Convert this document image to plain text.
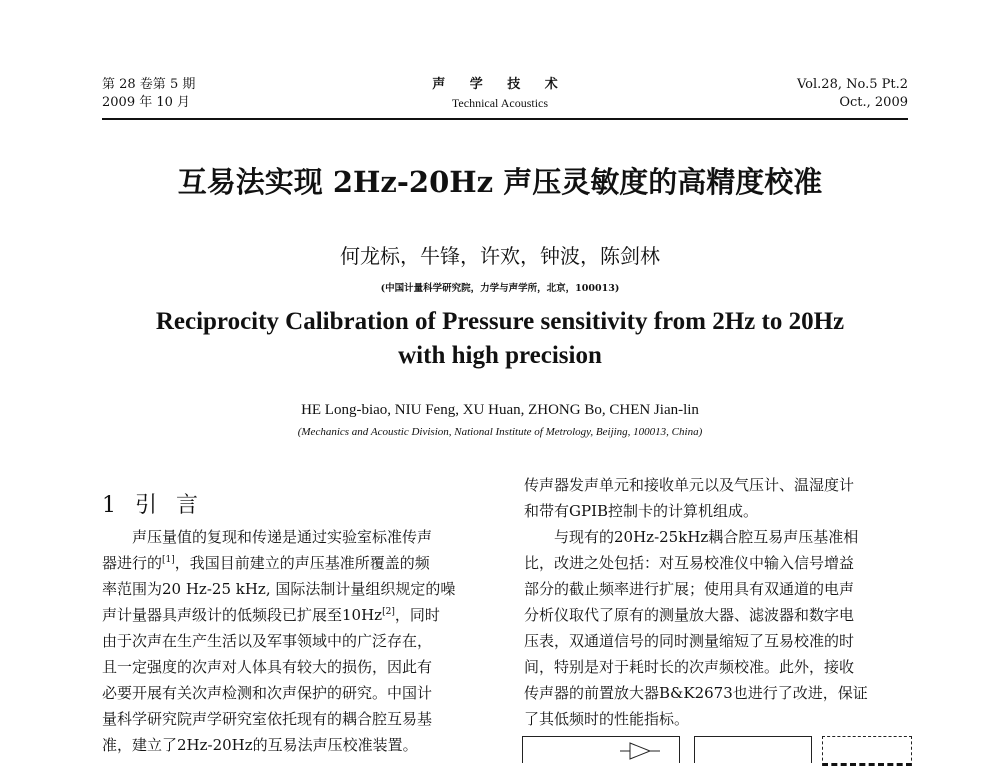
第 28 卷第 5 期
2009 年 10 月
声 学 技 术
Technical Acoustics
Vol.28, No.5 Pt.2
Oct., 2009
互易法实现 2Hz-20Hz 声压灵敏度的高精度校准
何龙标，牛锋，许欢，钟波，陈剑林
(中国计量科学研究院，力学与声学所，北京，100013)
Reciprocity Calibration of Pressure sensitivity from 2Hz to 20Hz
with high precision
HE Long-biao, NIU Feng, XU Huan, ZHONG Bo, CHEN Jian-lin
(Mechanics and Acoustic Division, National Institute of Metrology, Beijing, 100013, China)
1 引 言
声压量值的复现和传递是通过实验室标准传声
器进行的[1]，我国目前建立的声压基准所覆盖的频
率范围为20 Hz-25 kHz, 国际法制计量组织规定的噪
声计量器具声级计的低频段已扩展至10Hz[2]，同时
由于次声在生产生活以及军事领域中的广泛存在，
且一定强度的次声对人体具有较大的损伤，因此有
必要开展有关次声检测和次声保护的研究。中国计
量科学研究院声学研究室依托现有的耦合腔互易基
准，建立了2Hz-20Hz的互易法声压校准装置。
传声器发声单元和接收单元以及气压计、温湿度计
和带有GPIB控制卡的计算机组成。
与现有的20Hz-25kHz耦合腔互易声压基准相
比，改进之处包括：对互易校准仪中输入信号增益
部分的截止频率进行扩展；使用具有双通道的电声
分析仪取代了原有的测量放大器、滤波器和数字电
压表，双通道信号的同时测量缩短了互易校准的时
间，特别是对于耗时长的次声频校准。此外，接收
传声器的前置放大器B&K2673也进行了改进，保证
了其低频时的性能指标。
